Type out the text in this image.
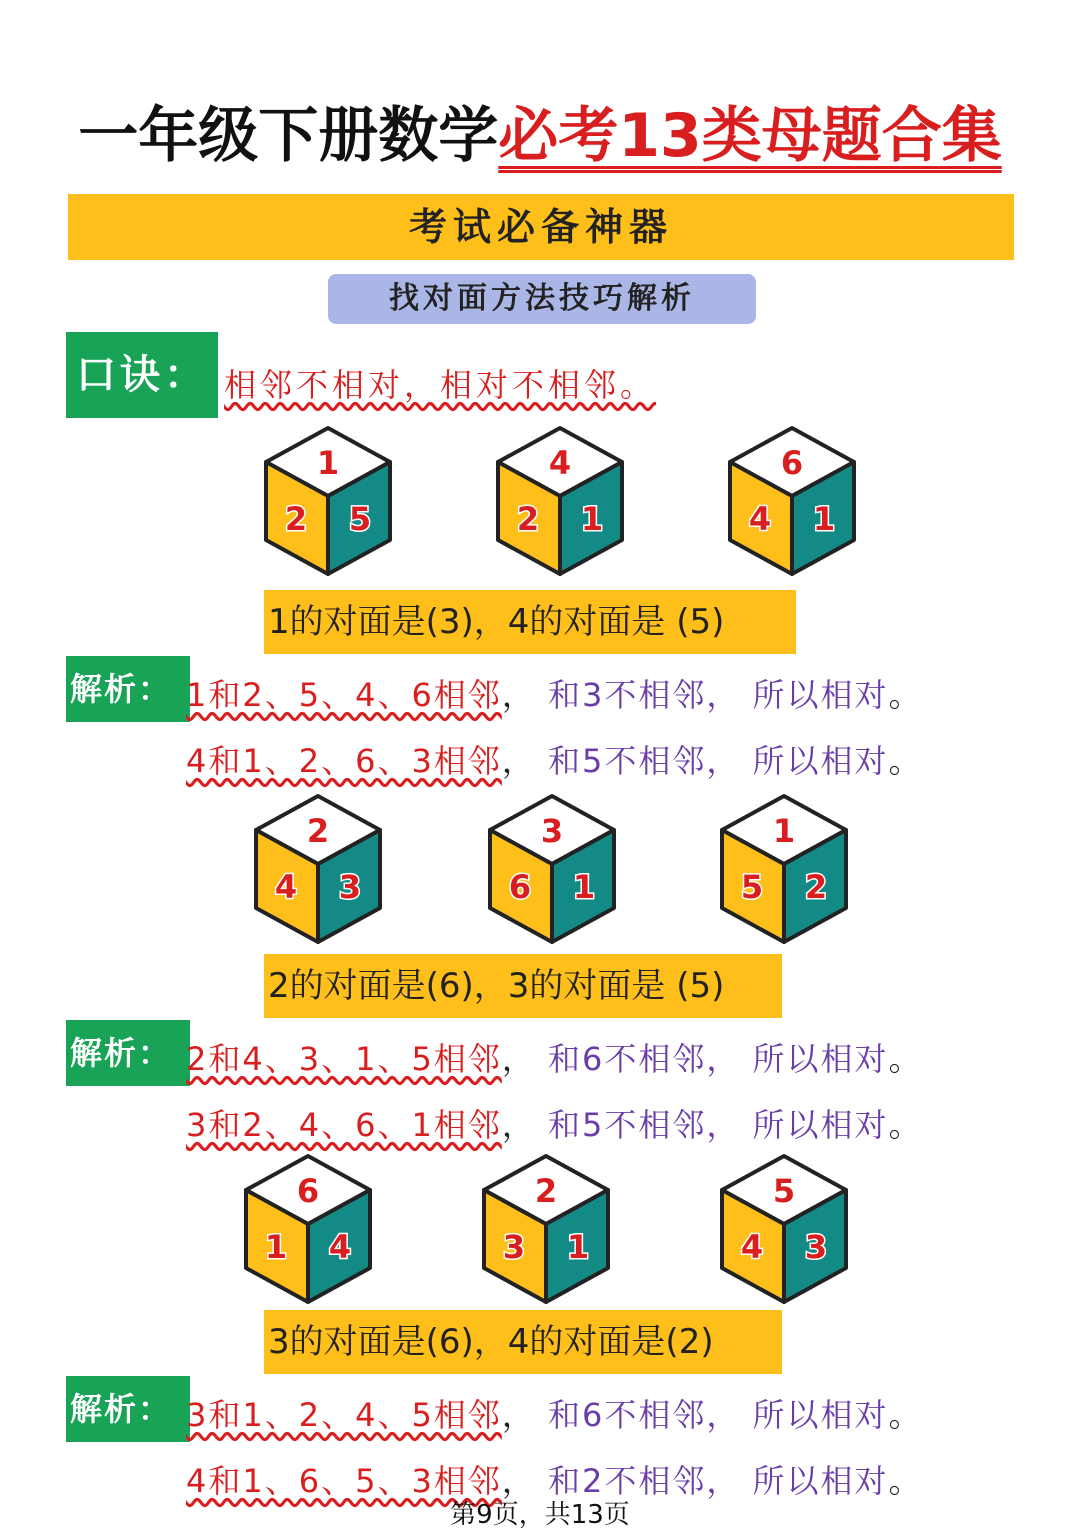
一年级下册数学必考13类母题合集
考试必备神器
找对面方法技巧解析
口诀： 相邻不相对，相对不相邻。
1
2 5
4
2 1
6
4 1
1的对面是(3)，4的对面是 (5)
解析： 1和2、5、4、6相邻， 和3不相邻， 所以相对。
4和1、2、6、3相邻， 和5不相邻， 所以相对。
2
4 3
3
6 1
1
5 2
2的对面是(6)，3的对面是 (5)
解析： 2和4、3、1、5相邻， 和6不相邻， 所以相对。
3和2、4、6、1相邻， 和5不相邻， 所以相对。
6
1 4
2
3 1
5
4 3
3的对面是(6)，4的对面是(2)
解析： 3和1、2、4、5相邻， 和6不相邻， 所以相对。
4和1、6、5、3相邻， 和2不相邻， 所以相对。
第9页，共13页
